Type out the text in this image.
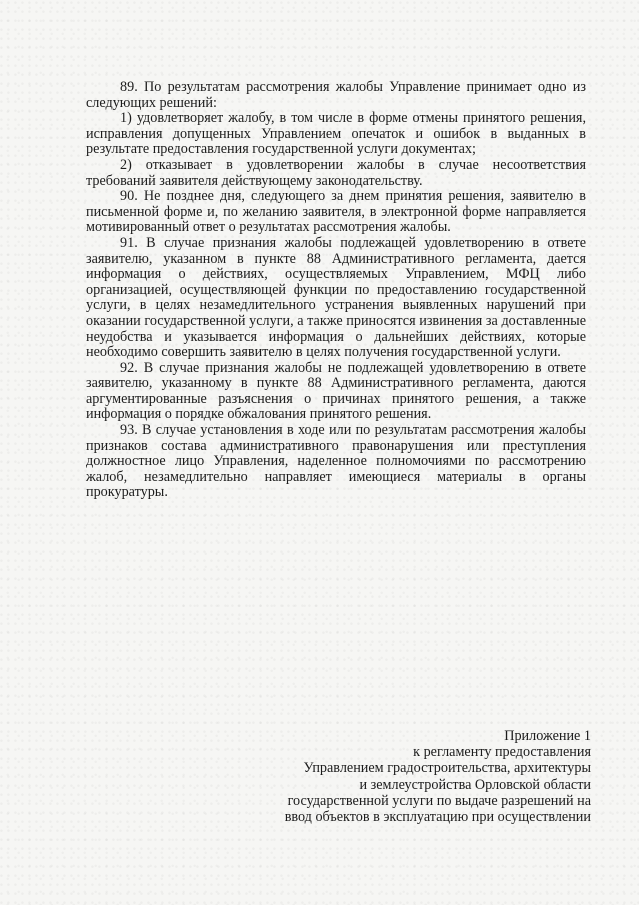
89. По результатам рассмотрения жалобы Управление принимает одно из следующих решений:

1) удовлетворяет жалобу, в том числе в форме отмены принятого решения, исправления допущенных Управлением опечаток и ошибок в выданных в результате предоставления государственной услуги документах;

2) отказывает в удовлетворении жалобы в случае несоответствия требований заявителя действующему законодательству.

90. Не позднее дня, следующего за днем принятия решения, заявителю в письменной форме и, по желанию заявителя, в электронной форме направляется мотивированный ответ о результатах рассмотрения жалобы.

91. В случае признания жалобы подлежащей удовлетворению в ответе заявителю, указанном в пункте 88 Административного регламента, дается информация о действиях, осуществляемых Управлением, МФЦ либо организацией, осуществляющей функции по предоставлению государственной услуги, в целях незамедлительного устранения выявленных нарушений при оказании государственной услуги, а также приносятся извинения за доставленные неудобства и указывается информация о дальнейших действиях, которые необходимо совершить заявителю в целях получения государственной услуги.

92. В случае признания жалобы не подлежащей удовлетворению в ответе заявителю, указанному в пункте 88 Административного регламента, даются аргументированные разъяснения о причинах принятого решения, а также информация о порядке обжалования принятого решения.

93. В случае установления в ходе или по результатам рассмотрения жалобы признаков состава административного правонарушения или преступления должностное лицо Управления, наделенное полномочиями по рассмотрению жалоб, незамедлительно направляет имеющиеся материалы в органы прокуратуры.

Приложение 1
к регламенту предоставления
Управлением градостроительства, архитектуры
и землеустройства Орловской области
государственной услуги по выдаче разрешений на
ввод объектов в эксплуатацию при осуществлении
